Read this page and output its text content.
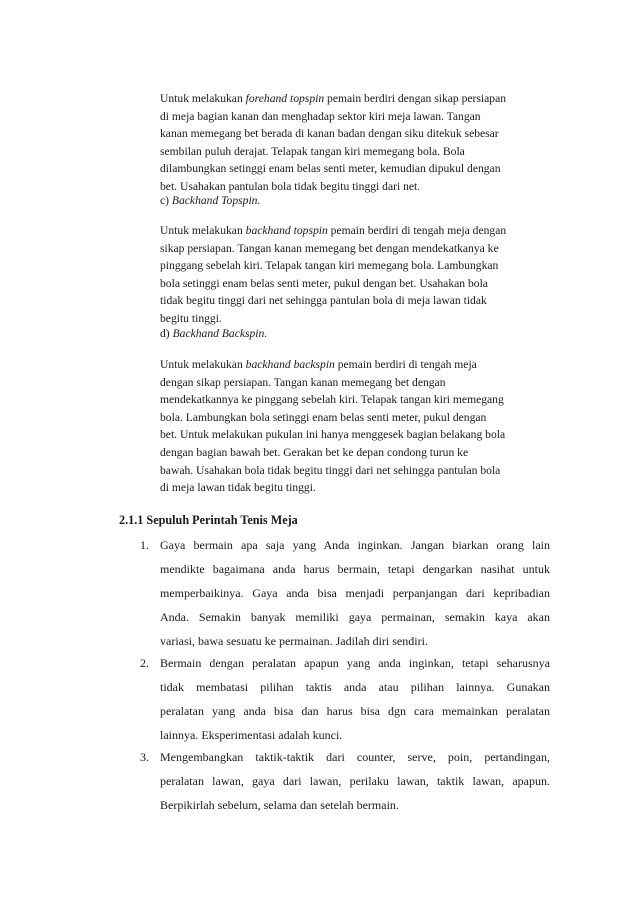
Untuk melakukan forehand topspin pemain berdiri dengan sikap persiapan
di meja bagian kanan dan menghadap sektor kiri meja lawan. Tangan
kanan memegang bet berada di kanan badan dengan siku ditekuk sebesar
sembilan puluh derajat. Telapak tangan kiri memegang bola. Bola
dilambungkan setinggi enam belas senti meter, kemudian dipukul dengan
bet. Usahakan pantulan bola tidak begitu tinggi dari net.
c) Backhand Topspin.
Untuk melakukan backhand topspin pemain berdiri di tengah meja dengan
sikap persiapan. Tangan kanan memegang bet dengan mendekatkanya ke
pinggang sebelah kiri. Telapak tangan kiri memegang bola. Lambungkan
bola setinggi enam belas senti meter, pukul dengan bet. Usahakan bola
tidak begitu tinggi dari net sehingga pantulan bola di meja lawan tidak
begitu tinggi.
d) Backhand Backspin.
Untuk melakukan backhand backspin pemain berdiri di tengah meja
dengan sikap persiapan. Tangan kanan memegang bet dengan
mendekatkannya ke pinggang sebelah kiri. Telapak tangan kiri memegang
bola. Lambungkan bola setinggi enam belas senti meter, pukul dengan
bet. Untuk melakukan pukulan ini hanya menggesek bagian belakang bola
dengan bagian bawah bet. Gerakan bet ke depan condong turun ke
bawah. Usahakan bola tidak begitu tinggi dari net sehingga pantulan bola
di meja lawan tidak begitu tinggi.
2.1.1 Sepuluh Perintah Tenis Meja
1. Gaya bermain apa saja yang Anda inginkan. Jangan biarkan orang lain
mendikte bagaimana anda harus bermain, tetapi dengarkan nasihat untuk
memperbaikinya. Gaya anda bisa menjadi perpanjangan dari kepribadian
Anda. Semakin banyak memiliki gaya permainan, semakin kaya akan
variasi, bawa sesuatu ke permainan. Jadilah diri sendiri.
2. Bermain dengan peralatan apapun yang anda inginkan, tetapi seharusnya
tidak membatasi pilihan taktis anda atau pilihan lainnya. Gunakan
peralatan yang anda bisa dan harus bisa dgn cara memainkan peralatan
lainnya. Eksperimentasi adalah kunci.
3. Mengembangkan taktik-taktik dari counter, serve, poin, pertandingan,
peralatan lawan, gaya dari lawan, perilaku lawan, taktik lawan, apapun.
Berpikirlah sebelum, selama dan setelah bermain.
